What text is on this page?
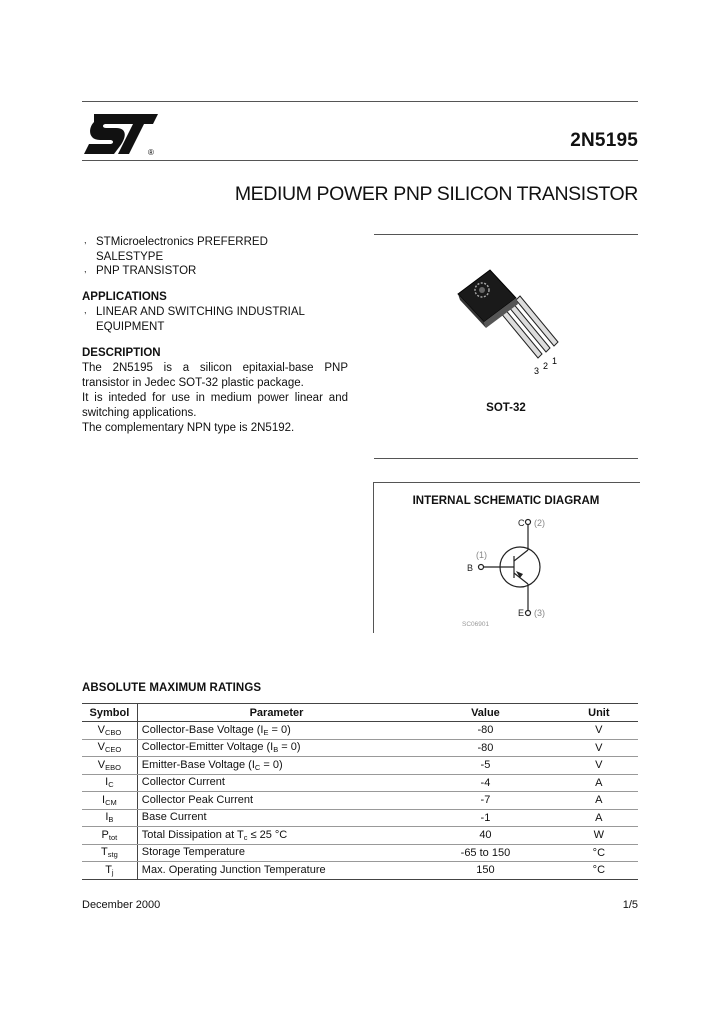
®
2N5195
MEDIUM POWER PNP SILICON TRANSISTOR
, STMicroelectronics PREFERRED SALESTYPE
, PNP TRANSISTOR
APPLICATIONS
, LINEAR AND SWITCHING INDUSTRIAL EQUIPMENT
DESCRIPTION

The 2N5195 is a silicon epitaxial-base PNP transistor in Jedec SOT-32 plastic package.

It is inteded for use in medium power linear and switching applications.

The complementary NPN type is 2N5192.

3 2 1
SOT-32
INTERNAL SCHEMATIC DIAGRAM
C (2)
B
(1)
E (3)
SC06901
ABSOLUTE MAXIMUM RATINGS
Symbol	Parameter	Value	Unit
$V_{CBO}$	Collector-Base Voltage $(I_E = 0)$	-80	V
$V_{CEO}$	Collector-Emitter Voltage $(I_B = 0)$	-80	V
$V_{EBO}$	Emitter-Base Voltage $(I_C = 0)$	-5	V
$I_C$	Collector Current	-4	A
$I_{CM}$	Collector Peak Current	-7	A
$I_B$	Base Current	-1	A
$P_{tot}$	Total Dissipation at $T_c \le 25$ °C	40	W
$T_{stg}$	Storage Temperature	-65 to 150	°C
$T_j$	Max. Operating Junction Temperature	150	°C
December 2000	1/5
